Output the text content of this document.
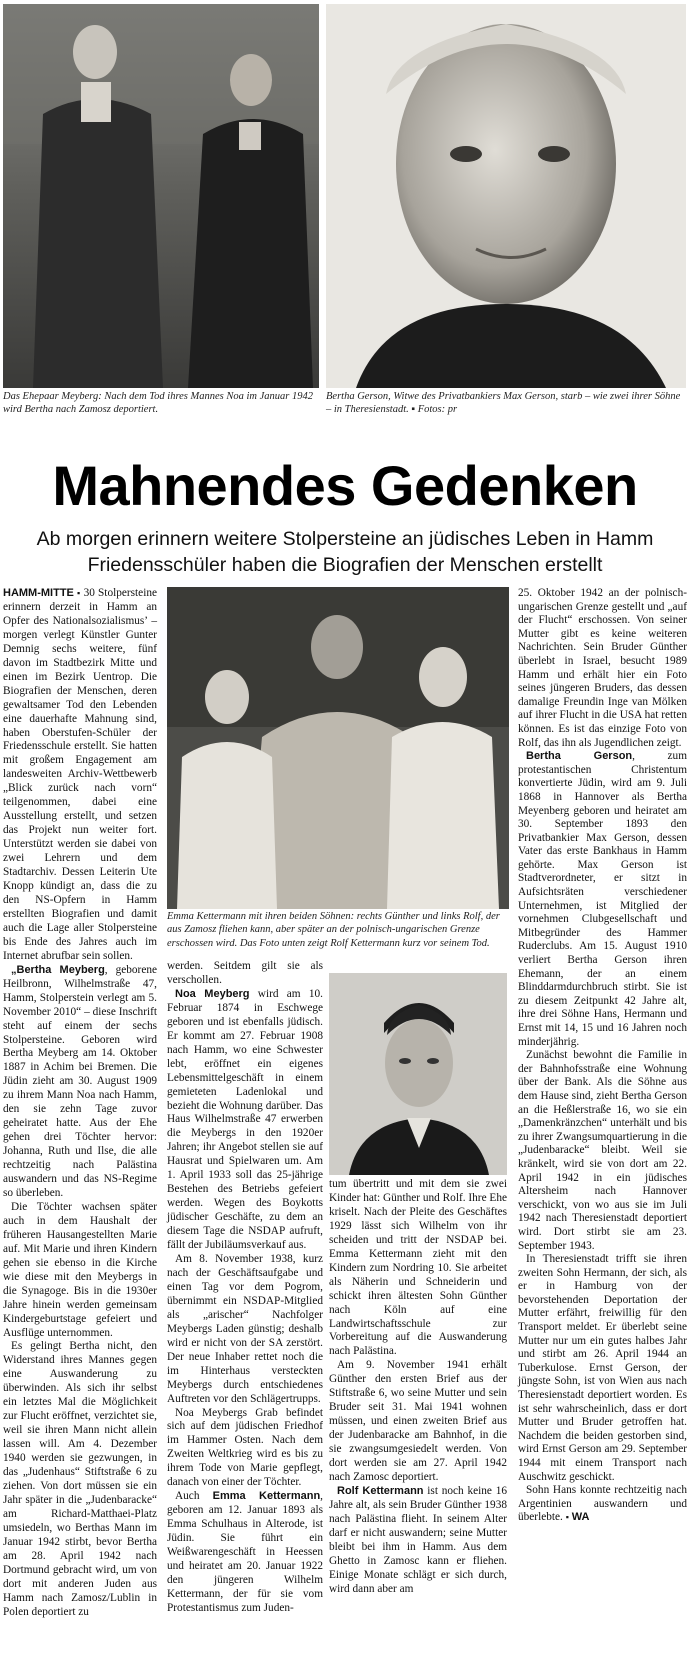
Das Ehepaar Meyberg: Nach dem Tod ihres Mannes Noa im Januar 1942 wird Bertha nach Zamosz deportiert.
Bertha Gerson, Witwe des Privatbankiers Max Gerson, starb – wie zwei ihrer Söhne – in Theresienstadt. ▪ Fotos: pr
Mahnendes Gedenken
Ab morgen erinnern weitere Stolpersteine an jüdisches Leben in Hamm
Friedensschüler haben die Biografien der Menschen erstellt

HAMM-MITTE ▪ 30 Stolpersteine erinnern derzeit in Hamm an Opfer des Nationalsozialismus’ – morgen verlegt Künstler Gunter Demnig sechs weitere, fünf davon im Stadtbezirk Mitte und einen im Bezirk Uentrop. Die Biografien der Menschen, deren gewaltsamer Tod den Lebenden eine dauerhafte Mahnung sind, haben Oberstufen-Schüler der Friedensschule erstellt. Sie hatten mit großem Engagement am landesweiten Archiv-Wettbewerb „Blick zurück nach vorn“ teilgenommen, dabei eine Ausstellung erstellt, und setzen das Projekt nun weiter fort. Unterstützt werden sie dabei von zwei Lehrern und dem Stadtarchiv. Dessen Leiterin Ute Knopp kündigt an, dass die zu den NS-Opfern in Hamm erstellten Biografien und damit auch die Lage aller Stolpersteine bis Ende des Jahres auch im Internet abrufbar sein sollen.

„Bertha Meyberg, geborene Heilbronn, Wilhelmstraße 47, Hamm, Stolperstein verlegt am 5. November 2010“ – diese Inschrift steht auf einem der sechs Stolpersteine. Geboren wird Bertha Meyberg am 14. Oktober 1887 in Achim bei Bremen. Die Jüdin zieht am 30. August 1909 zu ihrem Mann Noa nach Hamm, den sie zehn Tage zuvor geheiratet hatte. Aus der Ehe gehen drei Töchter hervor: Johanna, Ruth und Ilse, die alle rechtzeitig nach Palästina auswandern und das NS-Regime so überleben.

Die Töchter wachsen später auch in dem Haushalt der früheren Hausangestellten Marie auf. Mit Marie und ihren Kindern gehen sie ebenso in die Kirche wie diese mit den Meybergs in die Synagoge. Bis in die 1930er Jahre hinein werden gemeinsam Kindergeburtstage gefeiert und Ausflüge unternommen.

Es gelingt Bertha nicht, den Widerstand ihres Mannes gegen eine Auswanderung zu überwinden. Als sich ihr selbst ein letztes Mal die Möglichkeit zur Flucht eröffnet, verzichtet sie, weil sie ihren Mann nicht allein lassen will. Am 4. Dezember 1940 werden sie gezwungen, in das „Judenhaus“ Stiftstraße 6 zu ziehen. Von dort müssen sie ein Jahr später in die „Judenbaracke“ am Richard-Matthaei-Platz umsiedeln, wo Berthas Mann im Januar 1942 stirbt, bevor Bertha am 28. April 1942 nach Dortmund gebracht wird, um von dort mit anderen Juden aus Hamm nach Zamosz/Lublin in Polen deportiert zu

Emma Kettermann mit ihren beiden Söhnen: rechts Günther und links Rolf, der aus Zamosz fliehen kann, aber später an der polnisch-ungarischen Grenze erschossen wird. Das Foto unten zeigt Rolf Kettermann kurz vor seinem Tod.

werden. Seitdem gilt sie als verschollen.

Noa Meyberg wird am 10. Februar 1874 in Eschwege geboren und ist ebenfalls jüdisch. Er kommt am 27. Februar 1908 nach Hamm, wo eine Schwester lebt, eröffnet ein eigenes Lebensmittelgeschäft in einem gemieteten Ladenlokal und bezieht die Wohnung darüber. Das Haus Wilhelmstraße 47 erwerben die Meybergs in den 1920er Jahren; ihr Angebot stellen sie auf Hausrat und Spielwaren um. Am 1. April 1933 soll das 25-jährige Bestehen des Betriebs gefeiert werden. Wegen des Boykotts jüdischer Geschäfte, zu dem an diesem Tage die NSDAP aufruft, fällt der Jubiläumsverkauf aus.

Am 8. November 1938, kurz nach der Geschäftsaufgabe und einen Tag vor dem Pogrom, übernimmt ein NSDAP-Mitglied als „arischer“ Nachfolger Meybergs Laden günstig; deshalb wird er nicht von der SA zerstört. Der neue Inhaber rettet noch die im Hinterhaus versteckten Meybergs durch entschiedenes Auftreten vor den Schlägertrupps.

Noa Meybergs Grab befindet sich auf dem jüdischen Friedhof im Hammer Osten. Nach dem Zweiten Weltkrieg wird es bis zu ihrem Tode von Marie gepflegt, danach von einer der Töchter.

Auch Emma Kettermann, geboren am 12. Januar 1893 als Emma Schulhaus in Alterode, ist Jüdin. Sie führt ein Weißwarengeschäft in Heessen und heiratet am 20. Januar 1922 den jüngeren Wilhelm Kettermann, der für sie vom Protestantismus zum Juden-

tum übertritt und mit dem sie zwei Kinder hat: Günther und Rolf. Ihre Ehe kriselt. Nach der Pleite des Geschäftes 1929 lässt sich Wilhelm von ihr scheiden und tritt der NSDAP bei. Emma Kettermann zieht mit den Kindern zum Nordring 10. Sie arbeitet als Näherin und Schneiderin und schickt ihren ältesten Sohn Günther nach Köln auf eine Landwirtschaftsschule zur Vorbereitung auf die Auswanderung nach Palästina.

Am 9. November 1941 erhält Günther den ersten Brief aus der Stiftstraße 6, wo seine Mutter und sein Bruder seit 31. Mai 1941 wohnen müssen, und einen zweiten Brief aus der Judenbaracke am Bahnhof, in die sie zwangsumgesiedelt werden. Von dort werden sie am 27. April 1942 nach Zamosc deportiert.

Rolf Kettermann ist noch keine 16 Jahre alt, als sein Bruder Günther 1938 nach Palästina flieht. In seinem Alter darf er nicht auswandern; seine Mutter bleibt bei ihm in Hamm. Aus dem Ghetto in Zamosc kann er fliehen. Einige Monate schlägt er sich durch, wird dann aber am

25. Oktober 1942 an der polnisch-ungarischen Grenze gestellt und „auf der Flucht“ erschossen. Von seiner Mutter gibt es keine weiteren Nachrichten. Sein Bruder Günther überlebt in Israel, besucht 1989 Hamm und erhält hier ein Foto seines jüngeren Bruders, das dessen damalige Freundin Inge van Mölken auf ihrer Flucht in die USA hat retten können. Es ist das einzige Foto von Rolf, das ihn als Jugendlichen zeigt.

Bertha Gerson, zum protestantischen Christentum konvertierte Jüdin, wird am 9. Juli 1868 in Hannover als Bertha Meyenberg geboren und heiratet am 30. September 1893 den Privatbankier Max Gerson, dessen Vater das erste Bankhaus in Hamm gehörte. Max Gerson ist Stadtverordneter, er sitzt in Aufsichtsräten verschiedener Unternehmen, ist Mitglied der vornehmen Clubgesellschaft und Mitbegründer des Hammer Ruderclubs. Am 15. August 1910 verliert Bertha Gerson ihren Ehemann, der an einem Blinddarmdurchbruch stirbt. Sie ist zu diesem Zeitpunkt 42 Jahre alt, ihre drei Söhne Hans, Hermann und Ernst mit 14, 15 und 16 Jahren noch minderjährig.

Zunächst bewohnt die Familie in der Bahnhofsstraße eine Wohnung über der Bank. Als die Söhne aus dem Hause sind, zieht Bertha Gerson an die Heßlerstraße 16, wo sie ein „Damenkränzchen“ unterhält und bis zu ihrer Zwangsumquartierung in die „Judenbaracke“ bleibt. Weil sie kränkelt, wird sie von dort am 22. April 1942 in ein jüdisches Altersheim nach Hannover verschickt, von wo aus sie im Juli 1942 nach Theresienstadt deportiert wird. Dort stirbt sie am 23. September 1943.

In Theresienstadt trifft sie ihren zweiten Sohn Hermann, der sich, als er in Hamburg von der bevorstehenden Deportation der Mutter erfährt, freiwillig für den Transport meldet. Er überlebt seine Mutter nur um ein gutes halbes Jahr und stirbt am 26. April 1944 an Tuberkulose. Ernst Gerson, der jüngste Sohn, ist von Wien aus nach Theresienstadt deportiert worden. Es ist sehr wahrscheinlich, dass er dort Mutter und Bruder getroffen hat. Nachdem die beiden gestorben sind, wird Ernst Gerson am 29. September 1944 mit einem Transport nach Auschwitz geschickt.

Sohn Hans konnte rechtzeitig nach Argentinien auswandern und überlebte. ▪ WA
